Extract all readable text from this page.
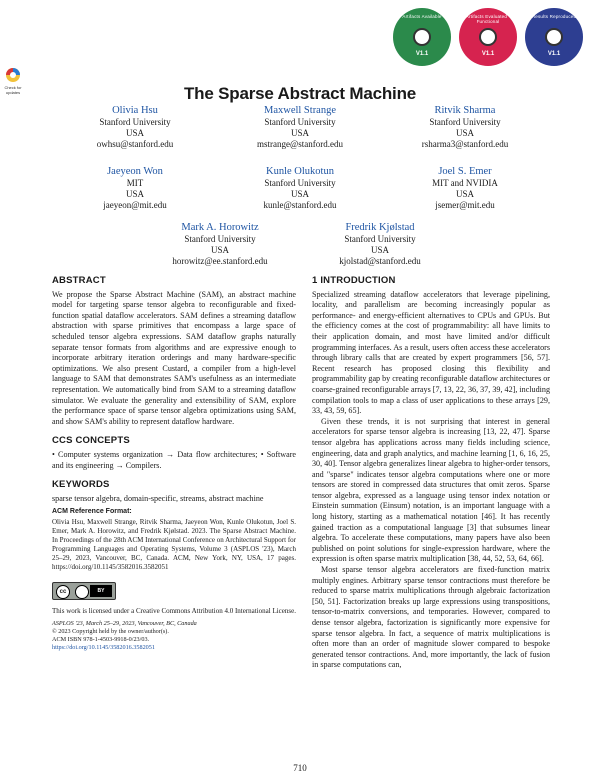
Check for
updates
Artifacts Available
V1.1
Artifacts Evaluated · Functional
V1.1
Results Reproduced
V1.1
The Sparse Abstract Machine
Olivia Hsu
Stanford University
USA
owhsu@stanford.edu
Maxwell Strange
Stanford University
USA
mstrange@stanford.edu
Ritvik Sharma
Stanford University
USA
rsharma3@stanford.edu
Jaeyeon Won
MIT
USA
jaeyeon@mit.edu
Kunle Olukotun
Stanford University
USA
kunle@stanford.edu
Joel S. Emer
MIT and NVIDIA
USA
jsemer@mit.edu
Mark A. Horowitz
Stanford University
USA
horowitz@ee.stanford.edu
Fredrik Kjølstad
Stanford University
USA
kjolstad@stanford.edu
ABSTRACT

We propose the Sparse Abstract Machine (SAM), an abstract machine model for targeting sparse tensor algebra to reconfigurable and fixed-function spatial dataflow accelerators. SAM defines a streaming dataflow abstraction with sparse primitives that encompass a large space of scheduled tensor algebra expressions. SAM dataflow graphs naturally separate tensor formats from algorithms and are expressive enough to incorporate arbitrary iteration orderings and many hardware-specific optimizations. We also present Custard, a compiler from a high-level language to SAM that demonstrates SAM's usefulness as an intermediate representation. We automatically bind from SAM to a streaming dataflow simulator. We evaluate the generality and extensibility of SAM, explore the performance space of sparse tensor algebra optimizations using SAM, and show SAM's ability to represent dataflow hardware.

CCS CONCEPTS

• Computer systems organization → Data flow architectures; • Software and its engineering → Compilers.

KEYWORDS

sparse tensor algebra, domain-specific, streams, abstract machine

ACM Reference Format:

Olivia Hsu, Maxwell Strange, Ritvik Sharma, Jaeyeon Won, Kunle Olukotun, Joel S. Emer, Mark A. Horowitz, and Fredrik Kjølstad. 2023. The Sparse Abstract Machine. In Proceedings of the 28th ACM International Conference on Architectural Support for Programming Languages and Operating Systems, Volume 3 (ASPLOS '23), March 25–29, 2023, Vancouver, BC, Canada. ACM, New York, NY, USA, 17 pages. https://doi.org/10.1145/3582016.3582051

cc	BY

This work is licensed under a Creative Commons Attribution 4.0 International License.

ASPLOS '23, March 25–29, 2023, Vancouver, BC, Canada
© 2023 Copyright held by the owner/author(s).
ACM ISBN 978-1-4503-9918-0/23/03.
https://doi.org/10.1145/3582016.3582051
1 INTRODUCTION

Specialized streaming dataflow accelerators that leverage pipelining, locality, and parallelism are becoming increasingly popular as performance- and energy-efficient alternatives to CPUs and GPUs. But the efficiency comes at the cost of programmability: all have limits to their application domain, and most have limited and/or difficult programming interfaces. As a result, users often access these accelerators through library calls that are created by expert programmers [56, 57]. Recent research has proposed closing this flexibility and programmability gap by creating reconfigurable dataflow architectures or coarse-grained reconfigurable arrays [7, 13, 22, 36, 37, 39, 42], including compilation tools to map a class of user applications to these arrays [29, 33, 43, 59, 65].

Given these trends, it is not surprising that interest in general accelerators for sparse tensor algebra is increasing [13, 22, 47]. Sparse tensor algebra has applications across many fields including science, engineering, data and graph analytics, and machine learning [1, 6, 16, 25, 30, 40]. Tensor algebra generalizes linear algebra to higher-order tensors, and "sparse" indicates tensor algebra computations where one or more tensors are stored in compressed data structures that omit zeros. Sparse tensor algebra, expressed as a language using tensor index notation or Einstein summation (Einsum) notation, is an important language with a long history, starting as a mathematical notation [46]. It has recently gained traction as a computational language [3] that subsumes linear algebra. To accelerate these computations, many papers have also been published on point solutions for single-expression hardware, where the expression is often sparse matrix multiplication [38, 44, 52, 53, 64, 66].

Most sparse tensor algebra accelerators are fixed-function matrix multiply engines. Arbitrary sparse tensor contractions must therefore be reduced to sparse matrix multiplications through algebraic factorization [50, 51]. Factorization breaks up large expressions using transpositions, tensor-to-matrix conversions, and temporaries. However, compared to dense tensor algebra, factorization is significantly more expensive for sparse tensor algebra. In fact, a sequence of matrix multiplications is often more than an order of magnitude slower compared to bespoke generated tensor contractions. And, more importantly, the lack of fusion in sparse computations can,

710
